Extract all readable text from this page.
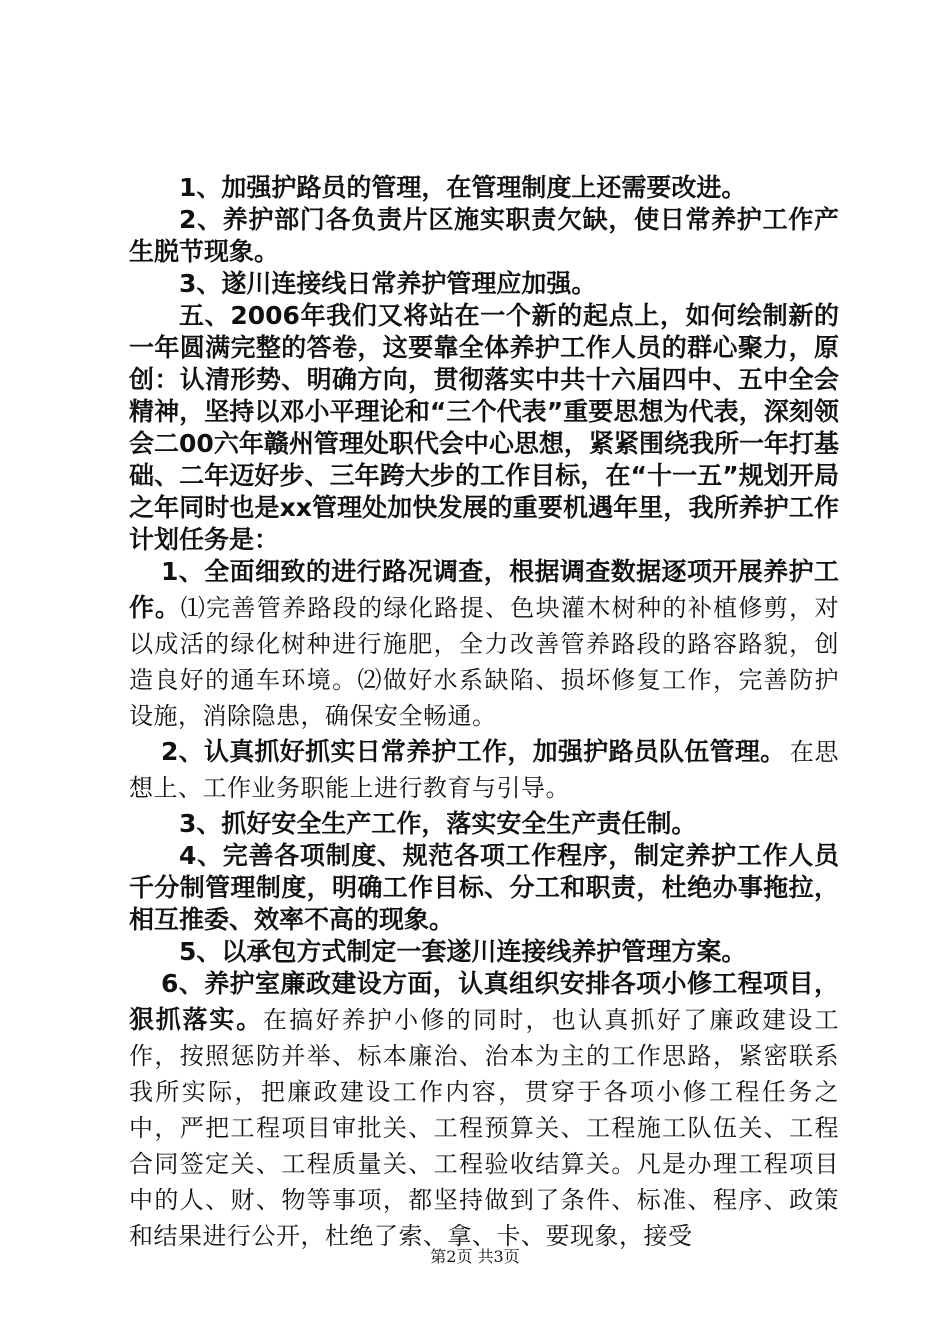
1、加强护路员的管理，在管理制度上还需要改进。

2、养护部门各负责片区施实职责欠缺，使日常养护工作产生脱节现象。

3、遂川连接线日常养护管理应加强。

五、2006年我们又将站在一个新的起点上，如何绘制新的一年圆满完整的答卷，这要靠全体养护工作人员的群心聚力，原创：认清形势、明确方向，贯彻落实中共十六届四中、五中全会精神，坚持以邓小平理论和“三个代表”重要思想为代表，深刻领会二00六年赣州管理处职代会中心思想，紧紧围绕我所一年打基础、二年迈好步、三年跨大步的工作目标，在“十一五”规划开局之年同时也是xx管理处加快发展的重要机遇年里，我所养护工作计划任务是：

1、全面细致的进行路况调查，根据调查数据逐项开展养护工作。⑴完善管养路段的绿化路提、色块灌木树种的补植修剪，对以成活的绿化树种进行施肥，全力改善管养路段的路容路貌，创造良好的通车环境。⑵做好水系缺陷、损坏修复工作，完善防护设施，消除隐患，确保安全畅通。

2、认真抓好抓实日常养护工作，加强护路员队伍管理。 在思想上、工作业务职能上进行教育与引导。

3、抓好安全生产工作，落实安全生产责任制。

4、完善各项制度、规范各项工作程序，制定养护工作人员千分制管理制度，明确工作目标、分工和职责，杜绝办事拖拉，相互推委、效率不高的现象。

5、以承包方式制定一套遂川连接线养护管理方案。

6、养护室廉政建设方面，认真组织安排各项小修工程项目，狠抓落实。在搞好养护小修的同时，也认真抓好了廉政建设工作，按照惩防并举、标本廉治、治本为主的工作思路，紧密联系我所实际，把廉政建设工作内容，贯穿于各项小修工程任务之中，严把工程项目审批关、工程预算关、工程施工队伍关、工程合同签定关、工程质量关、工程验收结算关。凡是办理工程项目中的人、财、物等事项，都坚持做到了条件、标准、程序、政策和结果进行公开，杜绝了索、拿、卡、要现象，接受

第2页 共3页
